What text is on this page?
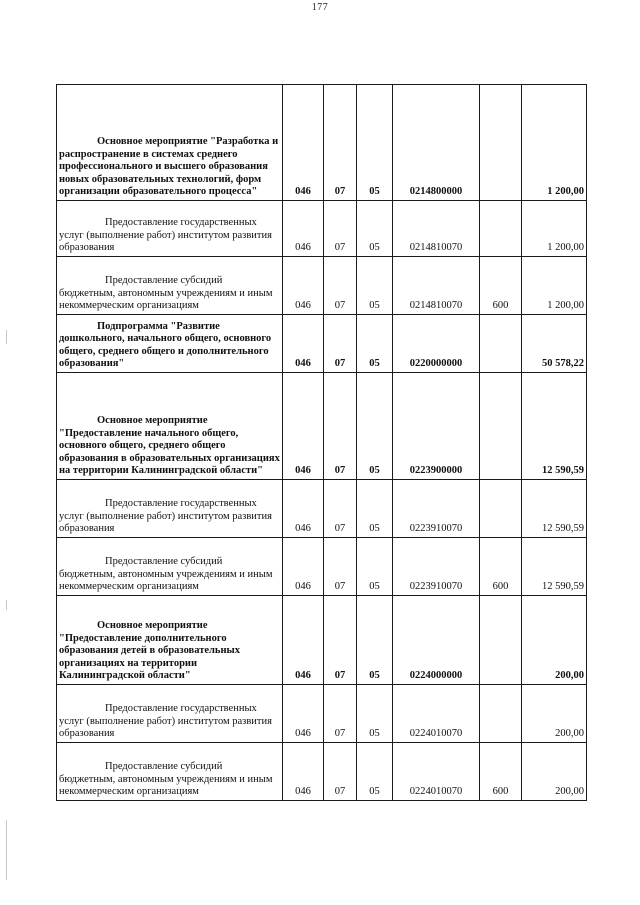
177
Основное мероприятие "Разработка и распространение в системах среднего профессионального и высшего образования новых образовательных технологий, форм организации образовательного процесса"	046	07	05	0214800000		1 200,00

Предоставление государственных услуг (выполнение работ) институтом развития образования	046	07	05	0214810070		1 200,00

Предоставление субсидий бюджетным, автономным учреждениям и иным некоммерческим организациям	046	07	05	0214810070	600	1 200,00

Подпрограмма "Развитие дошкольного, начального общего, основного общего, среднего общего и дополнительного образования"	046	07	05	0220000000		50 578,22

Основное мероприятие "Предоставление начального общего, основного общего, среднего общего образования в образовательных организациях на территории Калининградской области"	046	07	05	0223900000		12 590,59

Предоставление государственных услуг (выполнение работ) институтом развития образования	046	07	05	0223910070		12 590,59

Предоставление субсидий бюджетным, автономным учреждениям и иным некоммерческим организациям	046	07	05	0223910070	600	12 590,59

Основное мероприятие "Предоставление дополнительного образования детей в образовательных организациях на территории Калининградской области"	046	07	05	0224000000		200,00

Предоставление государственных услуг (выполнение работ) институтом развития образования	046	07	05	0224010070		200,00

Предоставление субсидий бюджетным, автономным учреждениям и иным некоммерческим организациям	046	07	05	0224010070	600	200,00
